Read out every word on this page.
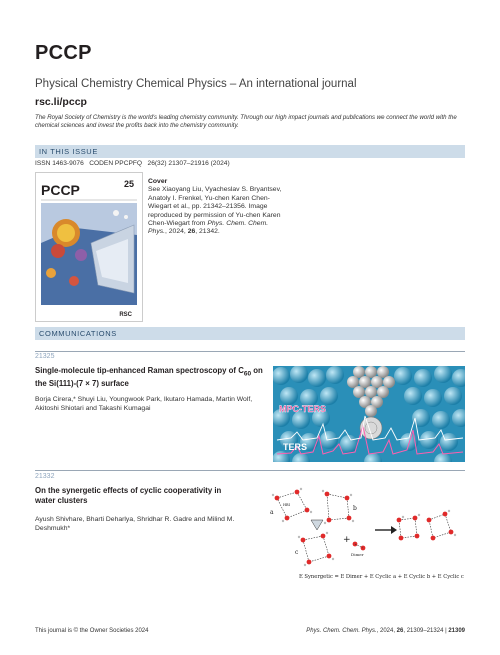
PCCP
Physical Chemistry Chemical Physics – An international journal
rsc.li/pccp
The Royal Society of Chemistry is the world's leading chemistry community. Through our high impact journals and publications we connect the world with the chemical sciences and invest the profits back into the chemistry community.
IN THIS ISSUE
ISSN 1463-9076 CODEN PPCPFQ 26(32) 21307–21916 (2024)
PCCP	25
RSC
Cover
See Xiaoyang Liu, Vyacheslav S. Bryantsev, Anatoly I. Frenkel, Yu-chen Karen Chen-Wiegart et al., pp. 21342–21356. Image reproduced by permission of Yu-chen Karen Chen-Wiegart from Phys. Chem. Chem. Phys., 2024, 26, 21342.
COMMUNICATIONS
21325
Single-molecule tip-enhanced Raman spectroscopy of $C_{60}$ on the Si(111)-(7 × 7) surface
Borja Cirera,* Shuyi Liu, Youngwook Park, Ikutaro Hamada, Martin Wolf, Akitoshi Shiotari and Takashi Kumagai	MPC-TERS
TERS
21332
On the synergetic effects of cyclic cooperativity in water clusters
Ayush Shivhare, Bharti Deharlya, Shridhar R. Gadre and Milind M. Deshmukh*
a
b
c
HBI
Dimer
+
E Synergetic = E Dimer + E Cyclic a + E Cyclic b + E Cyclic c
This journal is © the Owner Societies 2024	Phys. Chem. Chem. Phys., 2024, 26, 21309–21324 | 21309
